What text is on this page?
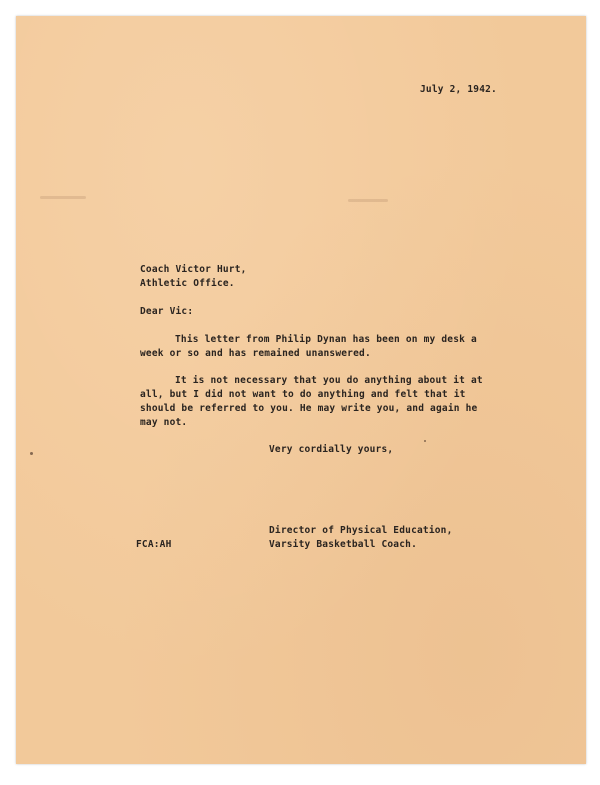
July 2, 1942.
Coach Victor Hurt,
Athletic Office.
Dear Vic:
This letter from Philip Dynan has been on my desk a
week or so and has remained unanswered.
It is not necessary that you do anything about it at
all, but I did not want to do anything and felt that it
should be referred to you. He may write you, and again he
may not.
Very cordially yours,
Director of Physical Education,
FCA:AH	Varsity Basketball Coach.
